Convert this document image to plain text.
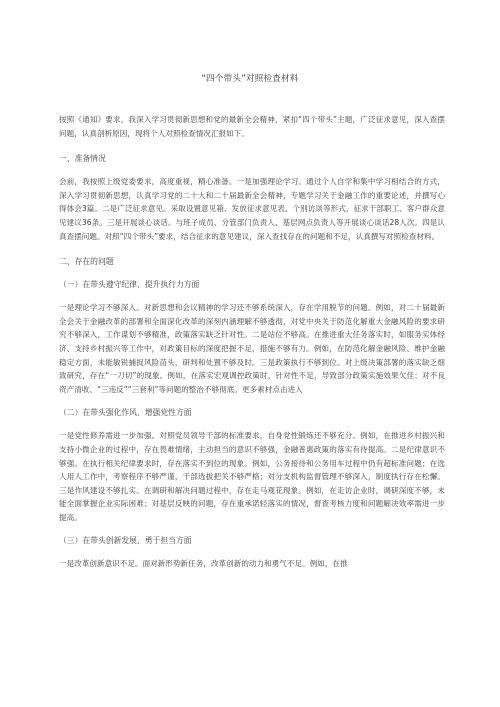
“四个带头”对照检查材料

按照《通知》要求，我深入学习贯彻新思想和党的最新全会精神，紧扣“四个带头”主题，广泛征求意见，深入查摆问题，认真剖析原因，现将个人对照检查情况汇报如下。

一、准备情况

会前，我按照上级党委要求，高度重视，精心准备。一是加强理论学习。通过个人自学和集中学习相结合的方式，深入学习贯彻新思想，认真学习党的二十大和二十届最新全会精神，专题学习关于金融工作的重要论述，并撰写心得体会3篇。二是广泛征求意见。采取设置意见箱、发放征求意见表、个别访谈等形式，征求干部职工、客户群众意见建议36条。三是开展谈心谈话。与班子成员、分管部门负责人、基层网点负责人等开展谈心谈话28人次。四是认真查摆问题。对照“四个带头”要求，结合征求的意见建议，深入查找存在的问题和不足，认真撰写对照检查材料。

二、存在的问题

（一）在带头遵守纪律、提升执行力方面

一是理论学习不够深入。对新思想和会议精神的学习还不够系统深入，存在学用脱节的问题。例如，对二十届最新全会关于金融改革的部署和全面深化改革的深刻内涵理解不够透彻，对党中央关于防范化解重大金融风险的要求研究不够深入，工作谋划不够精准，政策落实缺乏针对性。二是站位不够高。在推进重大任务落实时，如服务实体经济、支持乡村振兴等工作中，对政策目标的深度把握不足，措施不够有力。例如，在防范化解金融风险、维护金融稳定方面，未能敏锐捕捉风险苗头，研判和处置不够及时。三是政策执行不够到位。对上级决策部署的落实缺乏细致研究，存在“一刀切”的现象。例如，在落实宏观调控政策时，针对性不足，导致部分政策实施效果欠佳；对不良资产清收、“三违反”“三套利”等问题的整治不够彻底。更多素材点击进入

（二）在带头强化作风、增强党性方面

一是党性修养需进一步加强。对照党员领导干部的标准要求，自身党性锻炼还不够充分。例如，在推进乡村振兴和支持小微企业的过程中，存在畏难情绪，主动担当的意识不够强，金融普惠政策的落实有待提高。二是纪律意识不够强。在执行相关纪律要求时，存在落实不到位的现象。例如，公务接待和公务用车过程中仍有超标准问题；在选人用人工作中，考察程序不够严谨，干部选拔把关不够严格；对分支机构监督管理不够深入，制度执行存在松懈。三是作风建设不够扎实。在调研和解决问题过程中，存在走马观花现象。例如，在走访企业时，调研深度不够，未能全面掌握企业实际困难；对基层反映的问题，存在重承诺轻落实的情况，督查考核力度和问题解决效率需进一步提高。

（三）在带头创新发展、勇于担当方面

一是改革创新意识不足。面对新形势新任务，改革创新的动力和勇气不足。例如，在推
